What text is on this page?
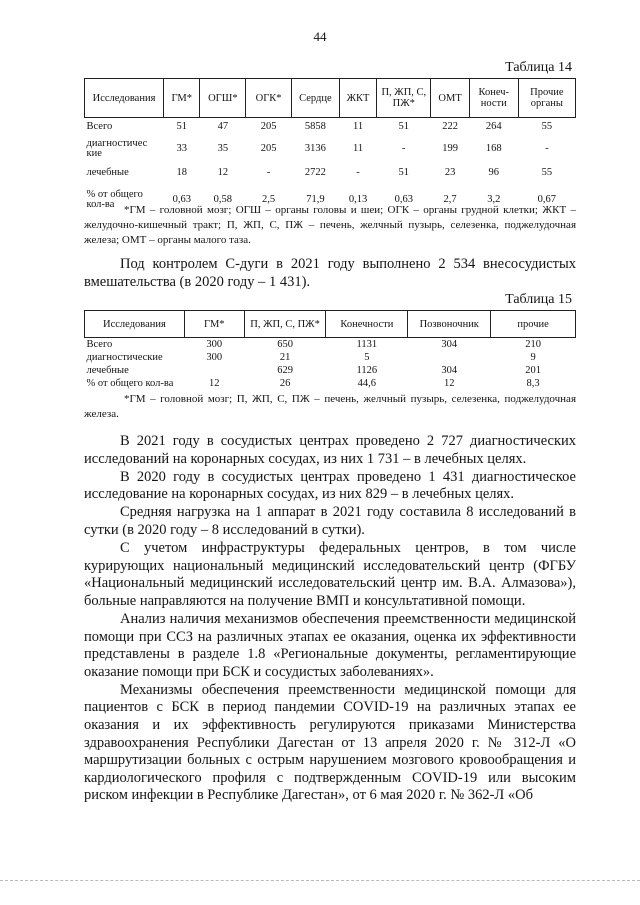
44
Таблица 14
Исследования	ГМ*	ОГШ*	ОГК*	Сердце	ЖКТ	П, ЖП, С, ПЖ*	ОМТ	Конеч-ности	Прочие органы
Всего	51	47	205	5858	11	51	222	264	55
диагностичес кие	33	35	205	3136	11	-	199	168	-
лечебные	18	12	-	2722	-	51	23	96	55
% от общего кол-ва	0,63	0,58	2,5	71,9	0,13	0,63	2,7	3,2	0,67
*ГМ – головной мозг; ОГШ – органы головы и шеи; ОГК – органы грудной клетки; ЖКТ – желудочно-кишечный тракт; П, ЖП, С, ПЖ – печень, желчный пузырь, селезенка, поджелудочная железа; ОМТ – органы малого таза.
Под контролем С-дуги в 2021 году выполнено 2 534 внесосудистых вмешательства (в 2020 году – 1 431).
Таблица 15
Исследования	ГМ*	П, ЖП, С, ПЖ*	Конечности	Позвоночник	прочие
Всего	300	650	1131	304	210
диагностические	300	21	5		9
лечебные		629	1126	304	201
% от общего кол-ва	12	26	44,6	12	8,3
*ГМ – головной мозг; П, ЖП, С, ПЖ – печень, желчный пузырь, селезенка, поджелудочная железа.

В 2021 году в сосудистых центрах проведено 2 727 диагностических исследований на коронарных сосудах, из них 1 731 – в лечебных целях.

В 2020 году в сосудистых центрах проведено 1 431 диагностическое исследование на коронарных сосудах, из них 829 – в лечебных целях.

Средняя нагрузка на 1 аппарат в 2021 году составила 8 исследований в сутки (в 2020 году – 8 исследований в сутки).

С учетом инфраструктуры федеральных центров, в том числе курирующих национальный медицинский исследовательский центр (ФГБУ «Национальный медицинский исследовательский центр им. В.А. Алмазова»), больные направляются на получение ВМП и консультативной помощи.

Анализ наличия механизмов обеспечения преемственности медицинской помощи при ССЗ на различных этапах ее оказания, оценка их эффективности представлены в разделе 1.8 «Региональные документы, регламентирующие оказание помощи при БСК и сосудистых заболеваниях».

Механизмы обеспечения преемственности медицинской помощи для пациентов с БСК в период пандемии COVID-19 на различных этапах ее оказания и их эффективность регулируются приказами Министерства здравоохранения Республики Дагестан от 13 апреля 2020 г. № 312-Л «О маршрутизации больных с острым нарушением мозгового кровообращения и кардиологического профиля с подтвержденным COVID-19 или высоким риском инфекции в Республике Дагестан», от 6 мая 2020 г. № 362-Л «Об
